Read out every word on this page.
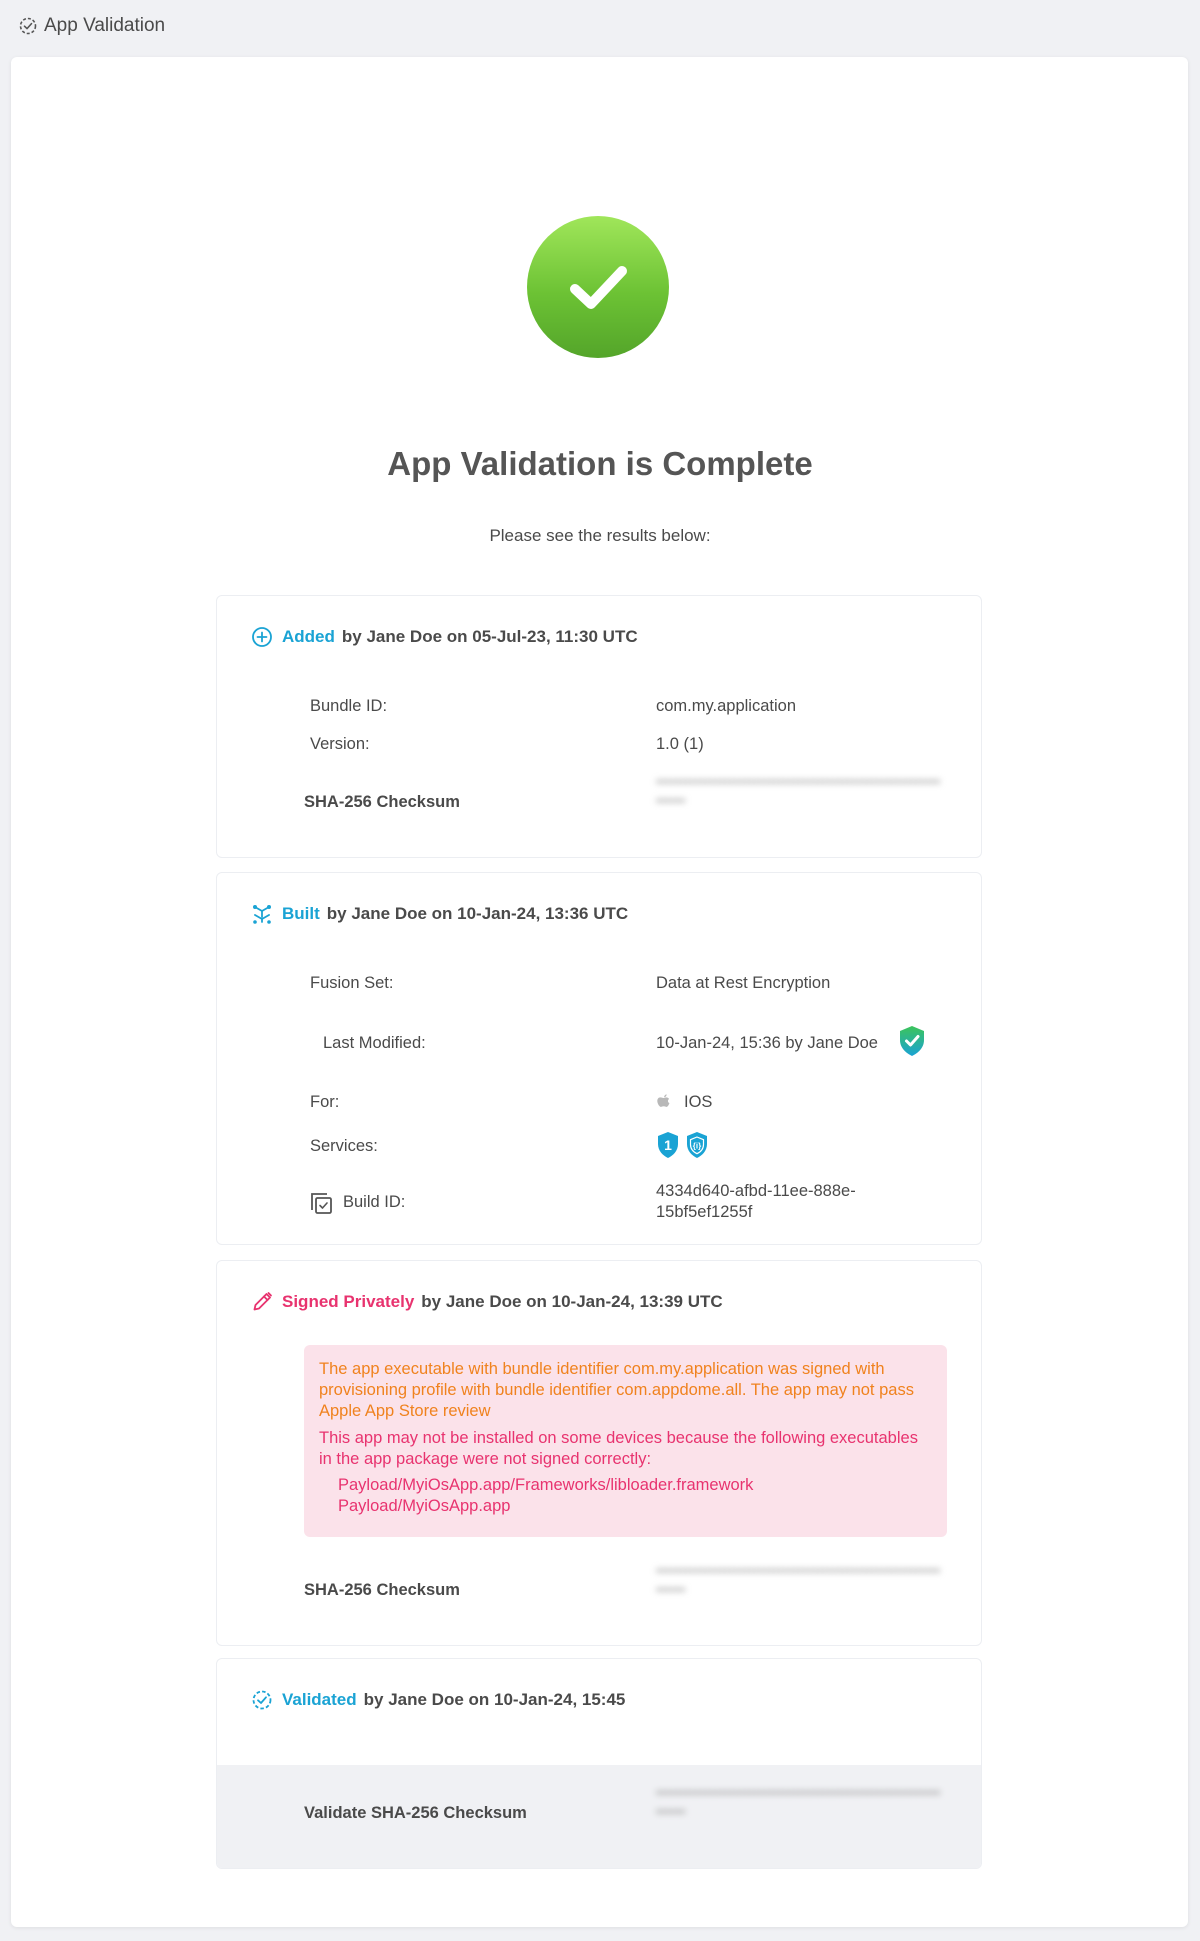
App Validation
App Validation is Complete
Please see the results below:
Added by Jane Doe on 05-Jul-23, 11:30 UTC
Bundle ID:	com.my.application
Version:	1.0 (1)
SHA-256 Checksum
••••••••••••••••••••••••••••••••••••••••••••••••••••••••••••••••
Built by Jane Doe on 10-Jan-24, 13:36 UTC
Fusion Set:	Data at Rest Encryption
Last Modified:	10-Jan-24, 15:36 by Jane Doe
For:	IOS
Services:	1	{i}
Build ID:
4334d640-afbd-11ee-888e-
15bf5ef1255f
Signed Privately by Jane Doe on 10-Jan-24, 13:39 UTC
The app executable with bundle identifier com.my.application was signed with provisioning profile with bundle identifier com.appdome.all. The app may not pass Apple App Store review
This app may not be installed on some devices because the following executables in the app package were not signed correctly:
Payload/MyiOsApp.app/Frameworks/libloader.framework
Payload/MyiOsApp.app
SHA-256 Checksum
••••••••••••••••••••••••••••••••••••••••••••••••••••••••••••••••
Validated by Jane Doe on 10-Jan-24, 15:45
Validate SHA-256 Checksum
••••••••••••••••••••••••••••••••••••••••••••••••••••••••••••••••
